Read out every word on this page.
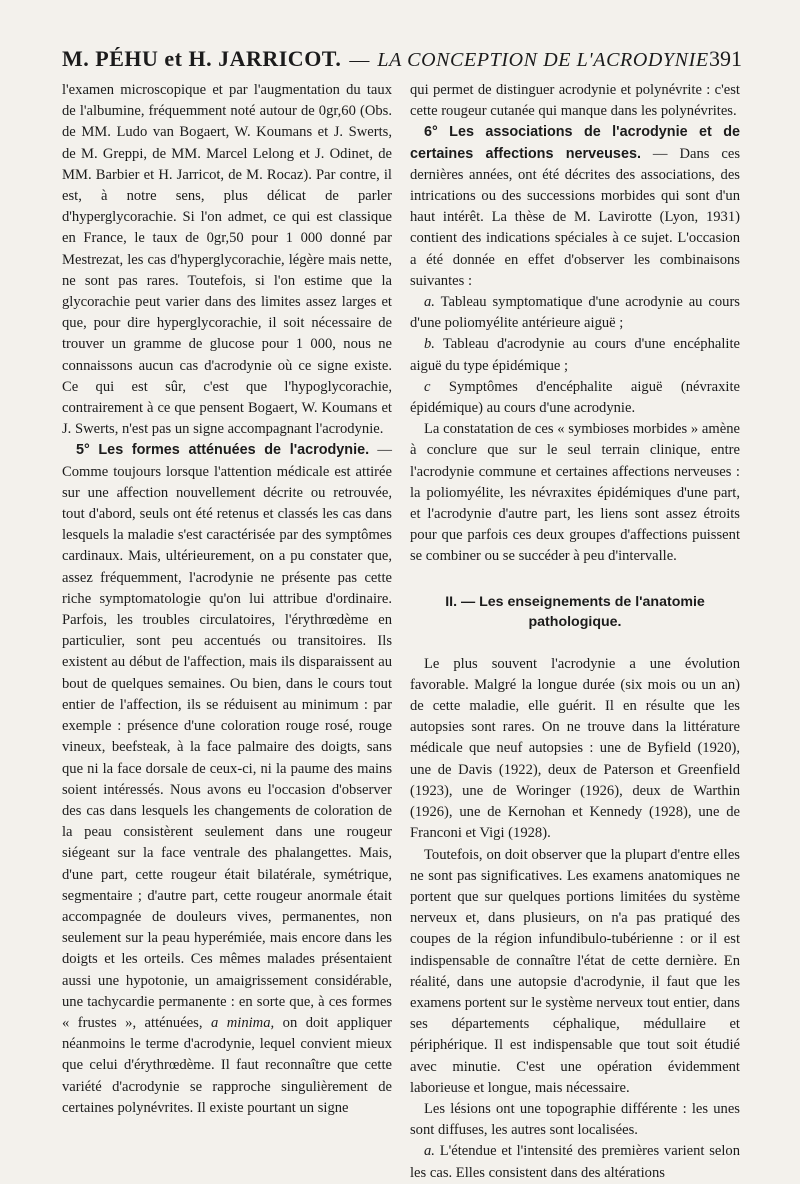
M. PÉHU et H. JARRICOT. — LA CONCEPTION DE L'ACRODYNIE 391

l'examen microscopique et par l'augmentation du taux de l'albumine, fréquemment noté autour de 0gr,60 (Obs. de MM. Ludo van Bogaert, W. Koumans et J. Swerts, de M. Greppi, de MM. Marcel Lelong et J. Odinet, de MM. Barbier et H. Jarricot, de M. Rocaz). Par contre, il est, à notre sens, plus délicat de parler d'hyperglycorachie. Si l'on admet, ce qui est classique en France, le taux de 0gr,50 pour 1 000 donné par Mestrezat, les cas d'hyperglycorachie, légère mais nette, ne sont pas rares. Toutefois, si l'on estime que la glycorachie peut varier dans des limites assez larges et que, pour dire hyperglycorachie, il soit nécessaire de trouver un gramme de glucose pour 1 000, nous ne connaissons aucun cas d'acrodynie où ce signe existe. Ce qui est sûr, c'est que l'hypoglycorachie, contrairement à ce que pensent Bogaert, W. Koumans et J. Swerts, n'est pas un signe accompagnant l'acrodynie.

5° Les formes atténuées de l'acrodynie. — Comme toujours lorsque l'attention médicale est attirée sur une affection nouvellement décrite ou retrouvée, tout d'abord, seuls ont été retenus et classés les cas dans lesquels la maladie s'est caractérisée par des symptômes cardinaux. Mais, ultérieurement, on a pu constater que, assez fréquemment, l'acrodynie ne présente pas cette riche symptomatologie qu'on lui attribue d'ordinaire. Parfois, les troubles circulatoires, l'érythrœdème en particulier, sont peu accentués ou transitoires. Ils existent au début de l'affection, mais ils disparaissent au bout de quelques semaines. Ou bien, dans le cours tout entier de l'affection, ils se réduisent au minimum : par exemple : présence d'une coloration rouge rosé, rouge vineux, beefsteak, à la face palmaire des doigts, sans que ni la face dorsale de ceux-ci, ni la paume des mains soient intéressés. Nous avons eu l'occasion d'observer des cas dans lesquels les changements de coloration de la peau consistèrent seulement dans une rougeur siégeant sur la face ventrale des phalangettes. Mais, d'une part, cette rougeur était bilatérale, symétrique, segmentaire ; d'autre part, cette rougeur anormale était accompagnée de douleurs vives, permanentes, non seulement sur la peau hyperémiée, mais encore dans les doigts et les orteils. Ces mêmes malades présentaient aussi une hypotonie, un amaigrissement considérable, une tachycardie permanente : en sorte que, à ces formes « frustes », atténuées, a minima, on doit appliquer néanmoins le terme d'acrodynie, lequel convient mieux que celui d'érythrœdème. Il faut reconnaître que cette variété d'acrodynie se rapproche singulièrement de certaines polynévrites. Il existe pourtant un signe

qui permet de distinguer acrodynie et polynévrite : c'est cette rougeur cutanée qui manque dans les polynévrites.

6° Les associations de l'acrodynie et de certaines affections nerveuses. — Dans ces dernières années, ont été décrites des associations, des intrications ou des successions morbides qui sont d'un haut intérêt. La thèse de M. Lavirotte (Lyon, 1931) contient des indications spéciales à ce sujet. L'occasion a été donnée en effet d'observer les combinaisons suivantes :

a. Tableau symptomatique d'une acrodynie au cours d'une poliomyélite antérieure aiguë ;

b. Tableau d'acrodynie au cours d'une encéphalite aiguë du type épidémique ;

c Symptômes d'encéphalite aiguë (névraxite épidémique) au cours d'une acrodynie.

La constatation de ces « symbioses morbides » amène à conclure que sur le seul terrain clinique, entre l'acrodynie commune et certaines affections nerveuses : la poliomyélite, les névraxites épidémiques d'une part, et l'acrodynie d'autre part, les liens sont assez étroits pour que parfois ces deux groupes d'affections puissent se combiner ou se succéder à peu d'intervalle.

II. — Les enseignements de l'anatomie pathologique.

Le plus souvent l'acrodynie a une évolution favorable. Malgré la longue durée (six mois ou un an) de cette maladie, elle guérit. Il en résulte que les autopsies sont rares. On ne trouve dans la littérature médicale que neuf autopsies : une de Byfield (1920), une de Davis (1922), deux de Paterson et Greenfield (1923), une de Woringer (1926), deux de Warthin (1926), une de Kernohan et Kennedy (1928), une de Franconi et Vigi (1928).

Toutefois, on doit observer que la plupart d'entre elles ne sont pas significatives. Les examens anatomiques ne portent que sur quelques portions limitées du système nerveux et, dans plusieurs, on n'a pas pratiqué des coupes de la région infundibulo-tubérienne : or il est indispensable de connaître l'état de cette dernière. En réalité, dans une autopsie d'acrodynie, il faut que les examens portent sur le système nerveux tout entier, dans ses départements céphalique, médullaire et périphérique. Il est indispensable que tout soit étudié avec minutie. C'est une opération évidemment laborieuse et longue, mais nécessaire.

Les lésions ont une topographie différente : les unes sont diffuses, les autres sont localisées.

a. L'étendue et l'intensité des premières varient selon les cas. Elles consistent dans des altérations
